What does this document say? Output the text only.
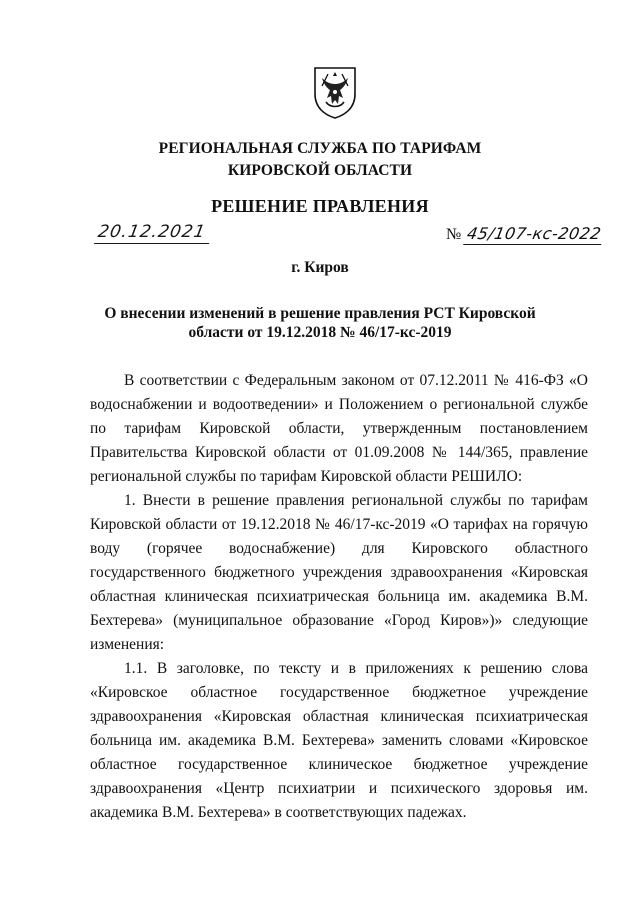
РЕГИОНАЛЬНАЯ СЛУЖБА ПО ТАРИФАМ
КИРОВСКОЙ ОБЛАСТИ
РЕШЕНИЕ ПРАВЛЕНИЯ
20.12.2021	№ 45/107-кс-2022
г. Киров
О внесении изменений в решение правления РСТ Кировской
области от 19.12.2018 № 46/17-кс-2019

В соответствии с Федеральным законом от 07.12.2011 № 416-ФЗ «О водоснабжении и водоотведении» и Положением о региональной службе по тарифам Кировской области, утвержденным постановлением Правительства Кировской области от 01.09.2008 № 144/365, правление региональной службы по тарифам Кировской области РЕШИЛО:

1. Внести в решение правления региональной службы по тарифам Кировской области от 19.12.2018 № 46/17-кс-2019 «О тарифах на горячую воду (горячее водоснабжение) для Кировского областного государственного бюджетного учреждения здравоохранения «Кировская областная клиническая психиатрическая больница им. академика В.М. Бехтерева» (муниципальное образование «Город Киров»)» следующие изменения:

1.1. В заголовке, по тексту и в приложениях к решению слова «Кировское областное государственное бюджетное учреждение здравоохранения «Кировская областная клиническая психиатрическая больница им. академика В.М. Бехтерева» заменить словами «Кировское областное государственное клиническое бюджетное учреждение здравоохранения «Центр психиатрии и психического здоровья им. академика В.М. Бехтерева» в соответствующих падежах.
